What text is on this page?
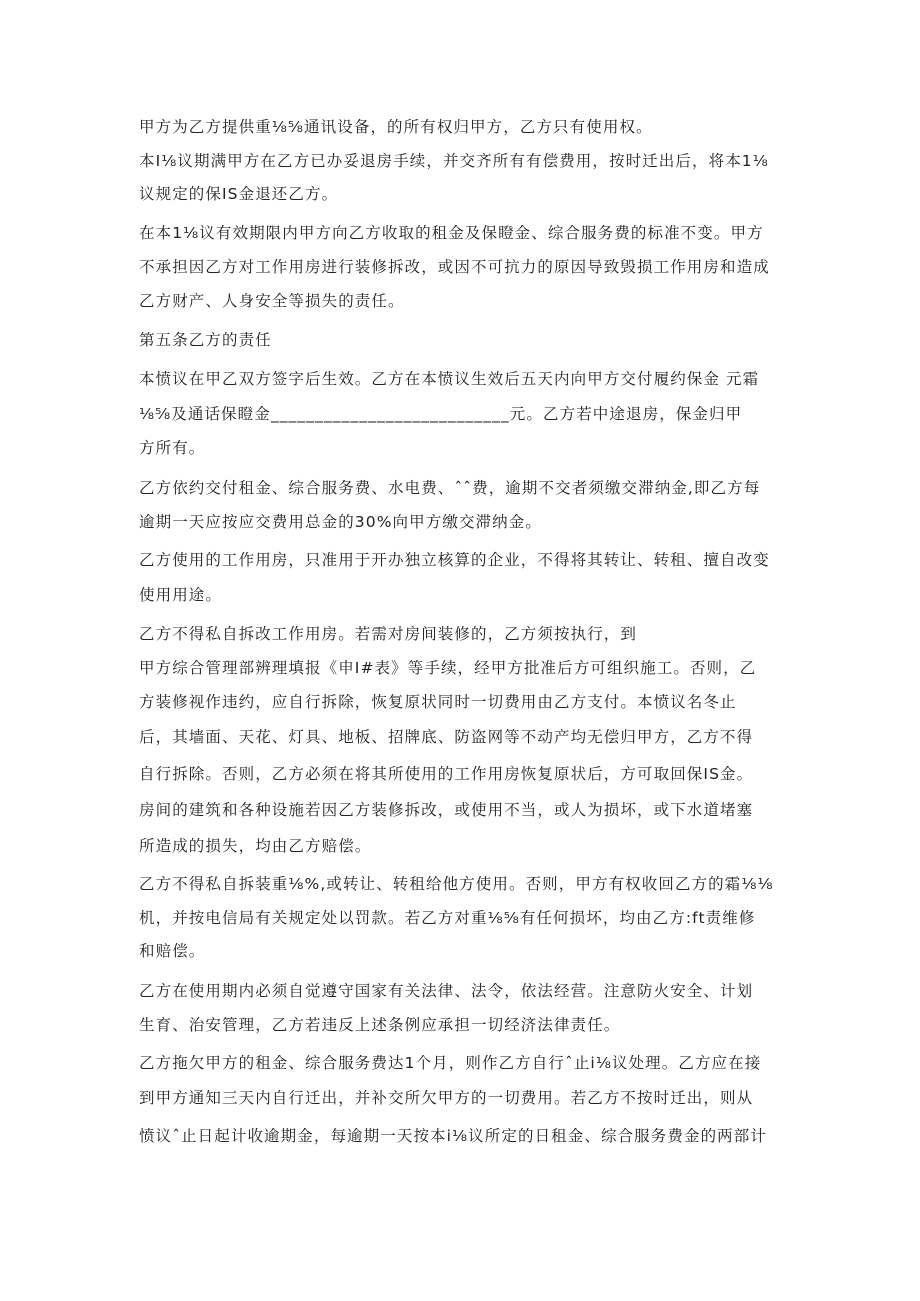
甲方为乙方提供重⅛⅝通讯设备，的所有权归甲方，乙方只有使用权。
本I⅛议期满甲方在乙方已办妥退房手续，并交齐所有有偿费用，按时迁出后，将本1⅛
议规定的保IS金退还乙方。
在本1⅛议有效期限内甲方向乙方收取的租金及保瞪金、综合服务费的标准不变。甲方
不承担因乙方对工作用房进行装修拆改，或因不可抗力的原因导致毁损工作用房和造成
乙方财产、人身安全等损失的责任。
第五条乙方的责任
本愤议在甲乙双方签字后生效。乙方在本愤议生效后五天内向甲方交付履约保金 元霜
⅛⅝及通话保瞪金___________________________元。乙方若中途退房，保金归甲
方所有。
乙方依约交付租金、综合服务费、水电费、ˆˆ费，逾期不交者须缴交滞纳金,即乙方每
逾期一天应按应交费用总金的30%向甲方缴交滞纳金。
乙方使用的工作用房，只准用于开办独立核算的企业，不得将其转让、转租、擅自改变
使用用途。
乙方不得私自拆改工作用房。若需对房间装修的，乙方须按执行，到
甲方综合管理部辨理填报《申I#表》等手续，经甲方批准后方可组织施工。否则，乙
方装修视作违约，应自行拆除，恢复原状同时一切费用由乙方支付。本愤议名冬止
后，其墙面、天花、灯具、地板、招牌底、防盗网等不动产均无偿归甲方，乙方不得
自行拆除。否则，乙方必须在将其所使用的工作用房恢复原状后，方可取回保IS金。
房间的建筑和各种设施若因乙方装修拆改，或使用不当，或人为损坏，或下水道堵塞
所造成的损失，均由乙方赔偿。
乙方不得私自拆装重⅛%,或转让、转租给他方使用。否则，甲方有权收回乙方的霜⅛⅛
机，并按电信局有关规定处以罚款。若乙方对重⅛⅝有任何损坏，均由乙方:ft责维修
和赔偿。
乙方在使用期内必须自觉遵守国家有关法律、法令，依法经营。注意防火安全、计划
生育、治安管理，乙方若违反上述条例应承担一切经济法律责任。
乙方拖欠甲方的租金、综合服务费达1个月，则作乙方自行ˆ止i⅛议处理。乙方应在接
到甲方通知三天内自行迁出，并补交所欠甲方的一切费用。若乙方不按时迁出，则从
愤议ˆ止日起计收逾期金，每逾期一天按本i⅛议所定的日租金、综合服务费金的两部计
